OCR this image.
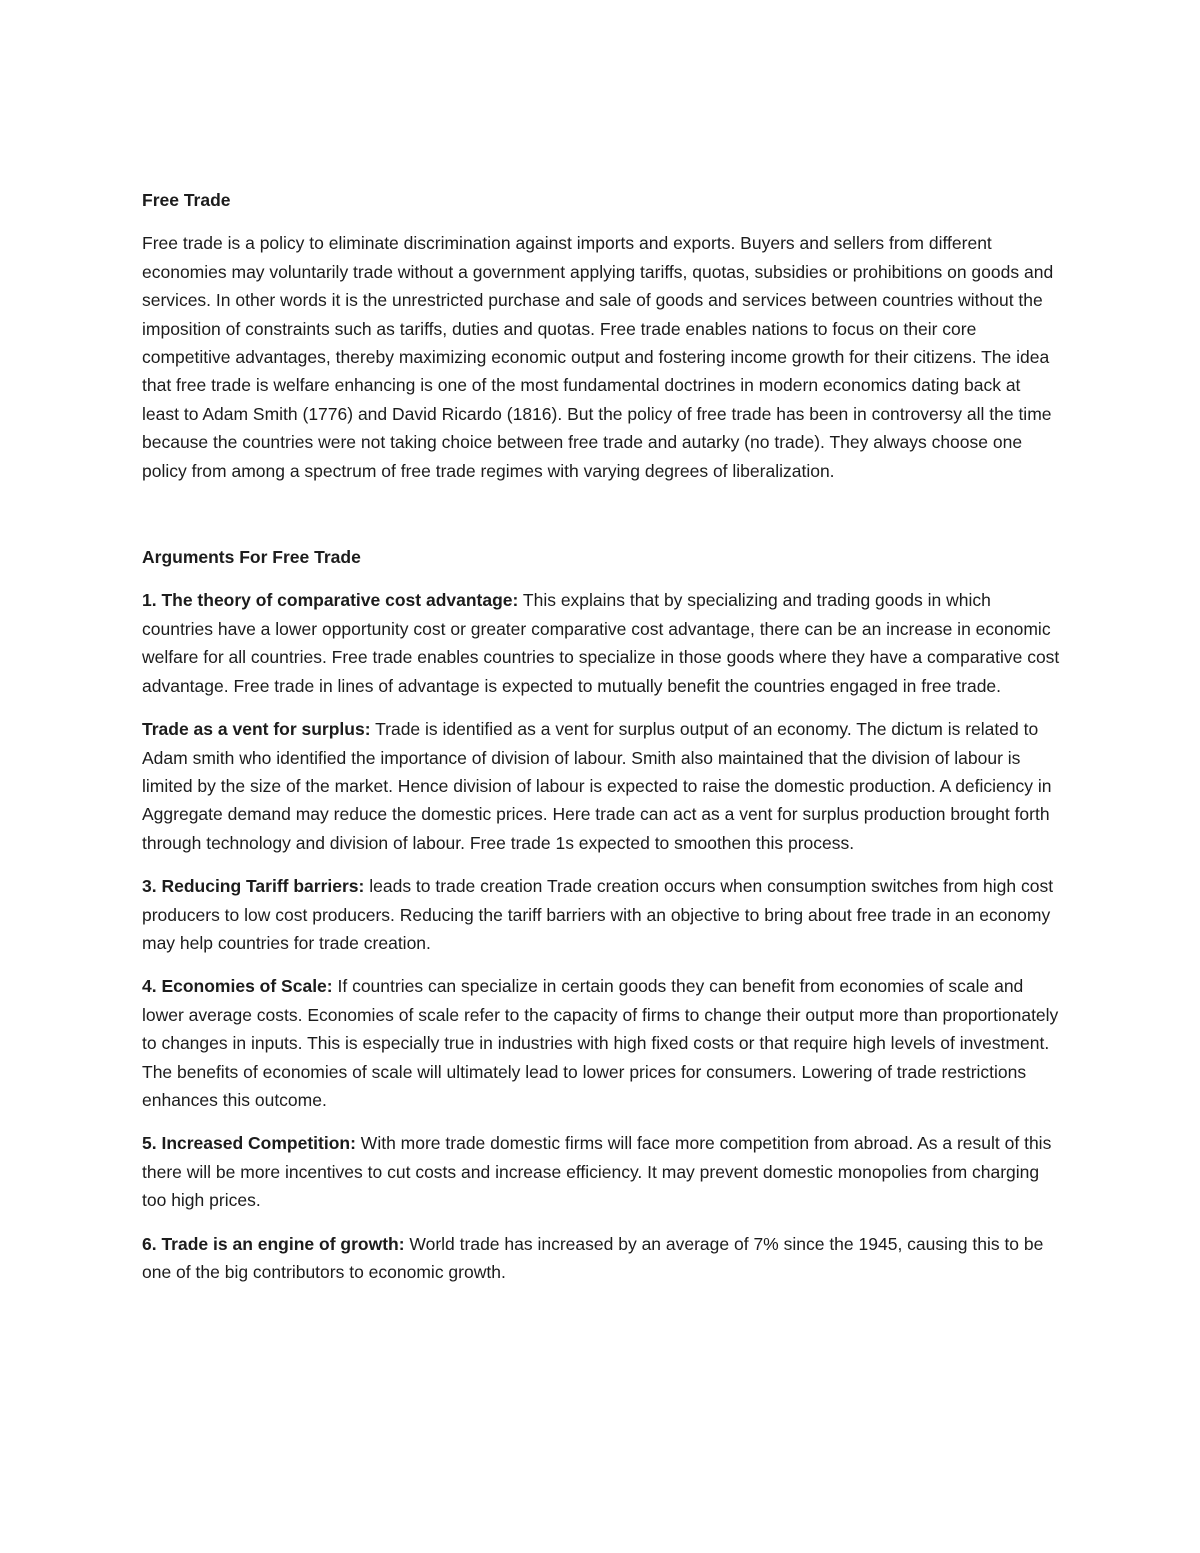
Free Trade

Free trade is a policy to eliminate discrimination against imports and exports. Buyers and sellers from different economies may voluntarily trade without a government applying tariffs, quotas, subsidies or prohibitions on goods and services. In other words it is the unrestricted purchase and sale of goods and services between countries without the imposition of constraints such as tariffs, duties and quotas. Free trade enables nations to focus on their core competitive advantages, thereby maximizing economic output and fostering income growth for their citizens. The idea that free trade is welfare enhancing is one of the most fundamental doctrines in modern economics dating back at least to Adam Smith (1776) and David Ricardo (1816). But the policy of free trade has been in controversy all the time because the countries were not taking choice between free trade and autarky (no trade). They always choose one policy from among a spectrum of free trade regimes with varying degrees of liberalization.

Arguments For Free Trade

1. The theory of comparative cost advantage: This explains that by specializing and trading goods in which countries have a lower opportunity cost or greater comparative cost advantage, there can be an increase in economic welfare for all countries. Free trade enables countries to specialize in those goods where they have a comparative cost advantage. Free trade in lines of advantage is expected to mutually benefit the countries engaged in free trade.

Trade as a vent for surplus: Trade is identified as a vent for surplus output of an economy. The dictum is related to Adam smith who identified the importance of division of labour. Smith also maintained that the division of labour is limited by the size of the market. Hence division of labour is expected to raise the domestic production. A deficiency in Aggregate demand may reduce the domestic prices. Here trade can act as a vent for surplus production brought forth through technology and division of labour. Free trade 1s expected to smoothen this process.

3. Reducing Tariff barriers: leads to trade creation Trade creation occurs when consumption switches from high cost producers to low cost producers. Reducing the tariff barriers with an objective to bring about free trade in an economy may help countries for trade creation.

4. Economies of Scale: If countries can specialize in certain goods they can benefit from economies of scale and lower average costs. Economies of scale refer to the capacity of firms to change their output more than proportionately to changes in inputs. This is especially true in industries with high fixed costs or that require high levels of investment. The benefits of economies of scale will ultimately lead to lower prices for consumers. Lowering of trade restrictions enhances this outcome.

5. Increased Competition: With more trade domestic firms will face more competition from abroad. As a result of this there will be more incentives to cut costs and increase efficiency. It may prevent domestic monopolies from charging too high prices.

6. Trade is an engine of growth: World trade has increased by an average of 7% since the 1945, causing this to be one of the big contributors to economic growth.
